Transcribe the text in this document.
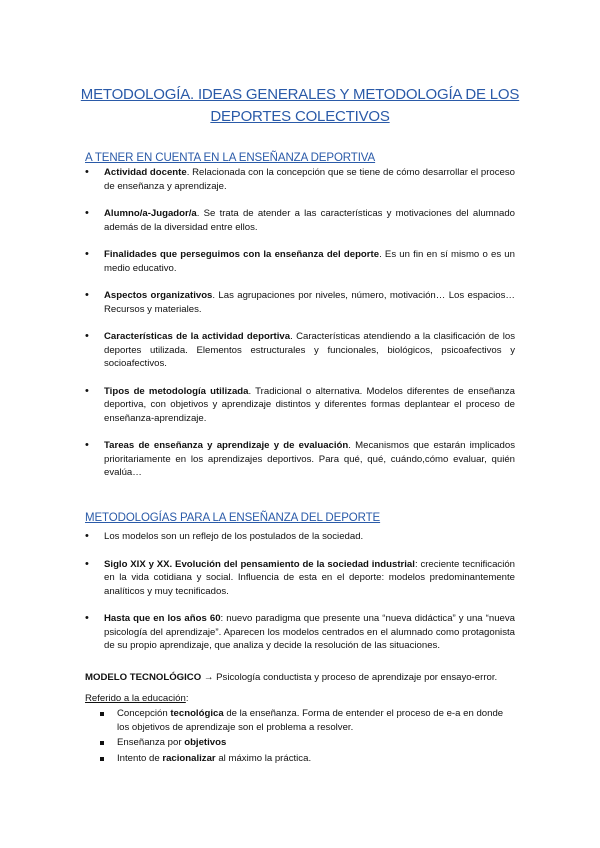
METODOLOGÍA. IDEAS GENERALES Y METODOLOGÍA DE LOS DEPORTES COLECTIVOS
A TENER EN CUENTA EN LA ENSEÑANZA DEPORTIVA
• Actividad docente. Relacionada con la concepción que se tiene de cómo desarrollar el proceso de enseñanza y aprendizaje.
• Alumno/a-Jugador/a. Se trata de atender a las características y motivaciones del alumnado además de la diversidad entre ellos.
• Finalidades que perseguimos con la enseñanza del deporte. Es un fin en sí mismo o es un medio educativo.
• Aspectos organizativos. Las agrupaciones por niveles, número, motivación… Los espacios… Recursos y materiales.
• Características de la actividad deportiva. Características atendiendo a la clasificación de los deportes utilizada. Elementos estructurales y funcionales, biológicos, psicoafectivos y socioafectivos.
• Tipos de metodología utilizada. Tradicional o alternativa. Modelos diferentes de enseñanza deportiva, con objetivos y aprendizaje distintos y diferentes formas deplantear el proceso de enseñanza-aprendizaje.
• Tareas de enseñanza y aprendizaje y de evaluación. Mecanismos que estarán implicados prioritariamente en los aprendizajes deportivos. Para qué, qué, cuándo,cómo evaluar, quién evalúa…
METODOLOGÍAS PARA LA ENSEÑANZA DEL DEPORTE
• Los modelos son un reflejo de los postulados de la sociedad.
• Siglo XIX y XX. Evolución del pensamiento de la sociedad industrial: creciente tecnificación en la vida cotidiana y social. Influencia de esta en el deporte: modelos predominantemente analíticos y muy tecnificados.
• Hasta que en los años 60: nuevo paradigma que presente una “nueva didáctica” y una “nueva psicología del aprendizaje”. Aparecen los modelos centrados en el alumnado como protagonista de su propio aprendizaje, que analiza y decide la resolución de las situaciones.
MODELO TECNOLÓGICO → Psicología conductista y proceso de aprendizaje por ensayo-error.
Referido a la educación:
Concepción tecnológica de la enseñanza. Forma de entender el proceso de e-a en donde los objetivos de aprendizaje son el problema a resolver.
Enseñanza por objetivos
Intento de racionalizar al máximo la práctica.
